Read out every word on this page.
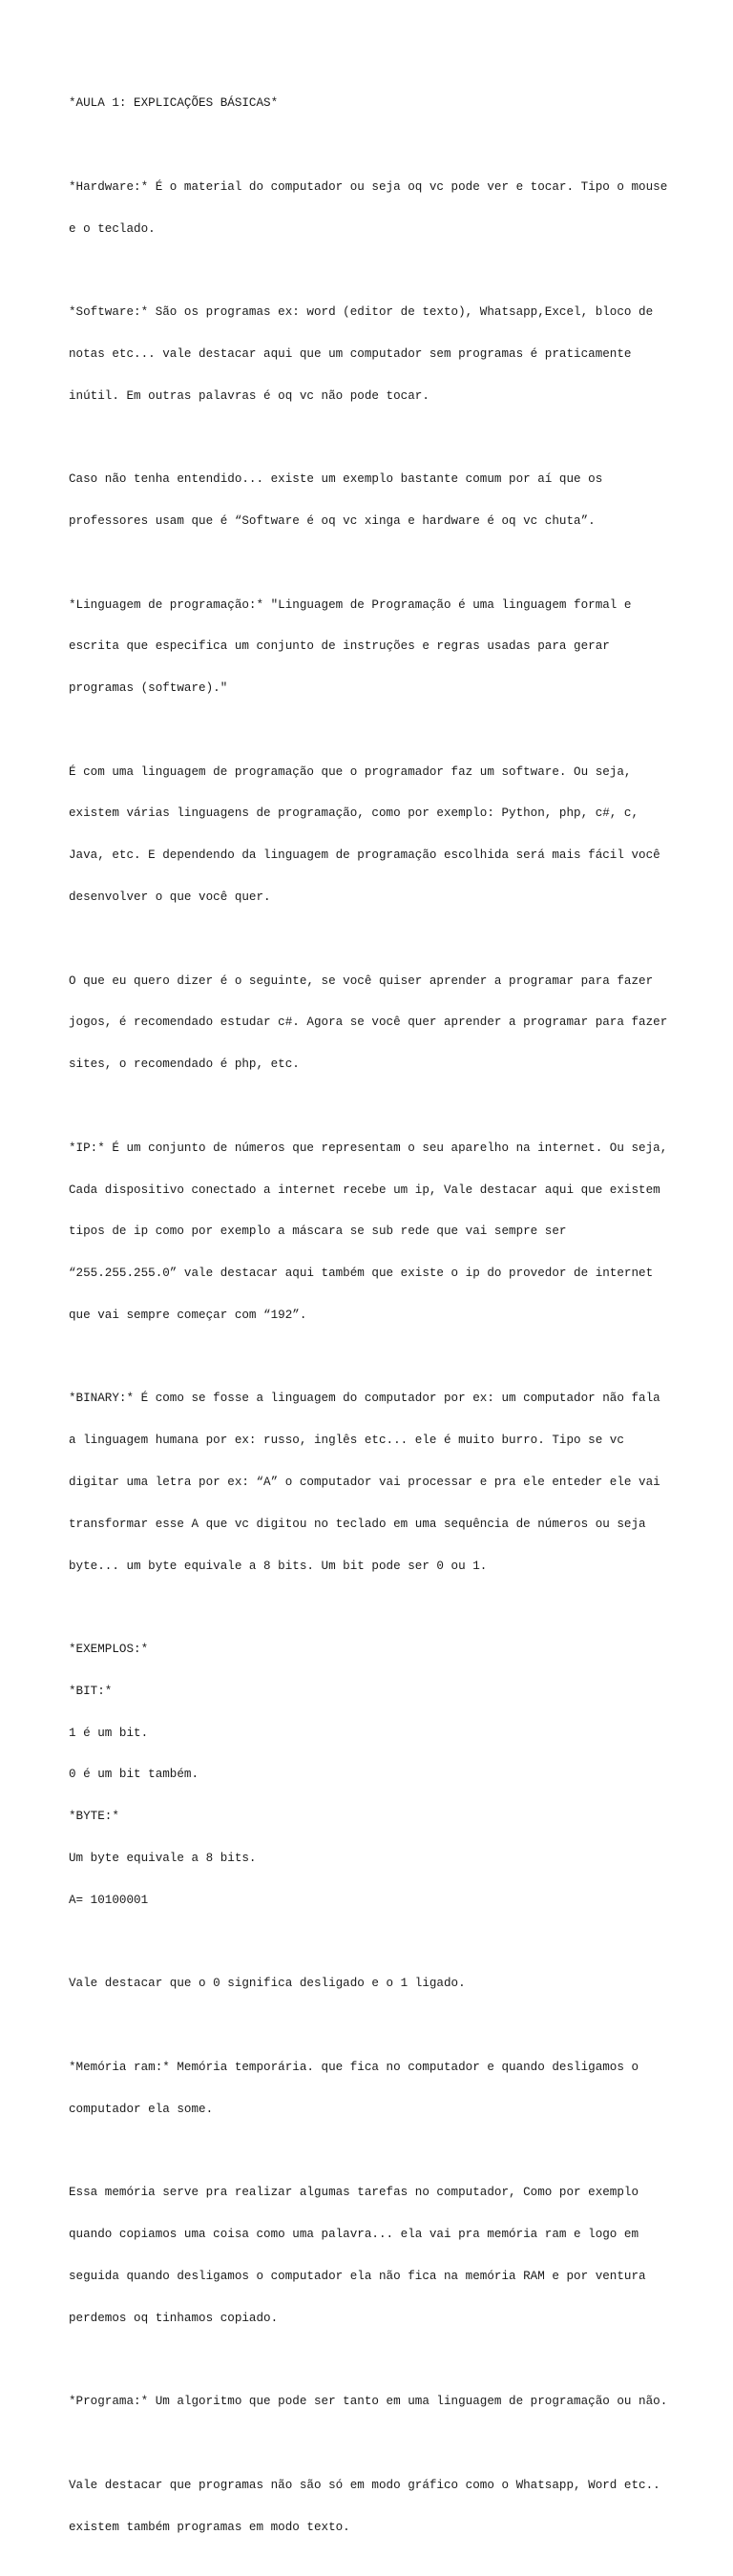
*AULA 1: EXPLICAÇÕES BÁSICAS*

*Hardware:* É o material do computador ou seja oq vc pode ver e tocar. Tipo o mouse

e o teclado.

*Software:* São os programas ex: word (editor de texto), Whatsapp,Excel, bloco de

notas etc... vale destacar aqui que um computador sem programas é praticamente

inútil. Em outras palavras é oq vc não pode tocar.

Caso não tenha entendido... existe um exemplo bastante comum por aí que os

professores usam que é “Software é oq vc xinga e hardware é oq vc chuta”.

*Linguagem de programação:* "Linguagem de Programação é uma linguagem formal e

escrita que especifica um conjunto de instruções e regras usadas para gerar

programas (software)."

É com uma linguagem de programação que o programador faz um software. Ou seja,

existem várias linguagens de programação, como por exemplo: Python, php, c#, c,

Java, etc. E dependendo da linguagem de programação escolhida será mais fácil você

desenvolver o que você quer.

O que eu quero dizer é o seguinte, se você quiser aprender a programar para fazer

jogos, é recomendado estudar c#. Agora se você quer aprender a programar para fazer

sites, o recomendado é php, etc.

*IP:* É um conjunto de números que representam o seu aparelho na internet. Ou seja,

Cada dispositivo conectado a internet recebe um ip, Vale destacar aqui que existem

tipos de ip como por exemplo a máscara se sub rede que vai sempre ser

“255.255.255.0” vale destacar aqui também que existe o ip do provedor de internet

que vai sempre começar com “192”.

*BINARY:* É como se fosse a linguagem do computador por ex: um computador não fala

a linguagem humana por ex: russo, inglês etc... ele é muito burro. Tipo se vc

digitar uma letra por ex: “A” o computador vai processar e pra ele enteder ele vai

transformar esse A que vc digitou no teclado em uma sequência de números ou seja

byte... um byte equivale a 8 bits. Um bit pode ser 0 ou 1.

*EXEMPLOS:*

*BIT:*

1 é um bit.

0 é um bit também.

*BYTE:*

Um byte equivale a 8 bits.

A= 10100001

Vale destacar que o 0 significa desligado e o 1 ligado.

*Memória ram:* Memória temporária. que fica no computador e quando desligamos o

computador ela some.

Essa memória serve pra realizar algumas tarefas no computador, Como por exemplo

quando copiamos uma coisa como uma palavra... ela vai pra memória ram e logo em

seguida quando desligamos o computador ela não fica na memória RAM e por ventura

perdemos oq tinhamos copiado.

*Programa:* Um algoritmo que pode ser tanto em uma linguagem de programação ou não.

Vale destacar que programas não são só em modo gráfico como o Whatsapp, Word etc..

existem também programas em modo texto.
